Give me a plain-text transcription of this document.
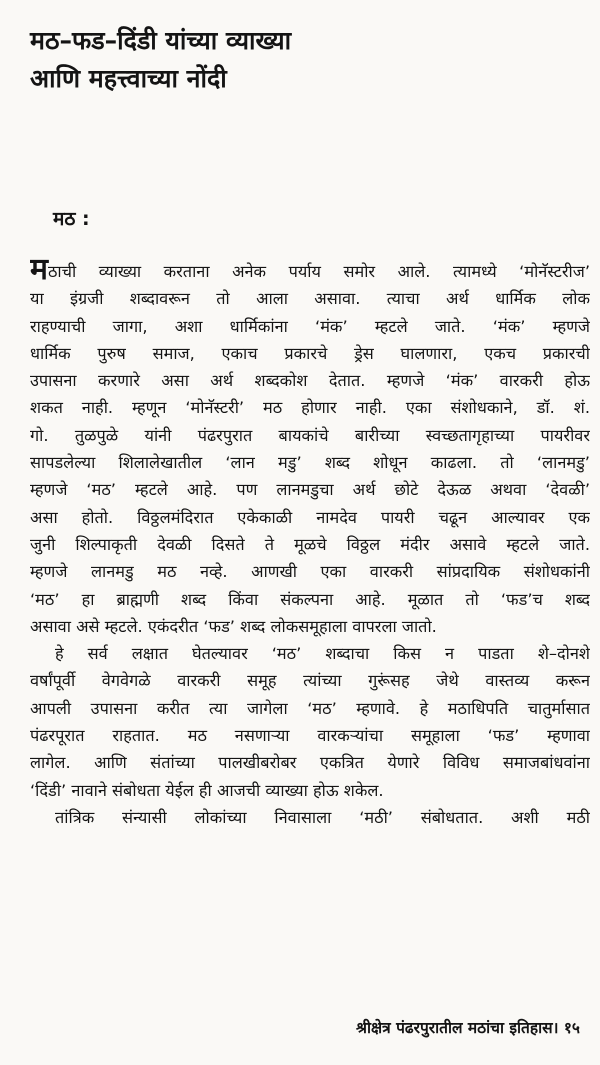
मठ–फड–दिंडी यांच्या व्याख्या
आणि महत्त्वाच्या नोंदी
मठ :
मठाची व्याख्या करताना अनेक पर्याय समोर आले. त्यामध्ये ‘मोनॅस्टरीज’
या इंग्रजी शब्दावरून तो आला असावा. त्याचा अर्थ धार्मिक लोक
राहण्याची जागा, अशा धार्मिकांना ‘मंक’ म्हटले जाते. ‘मंक’ म्हणजे
धार्मिक पुरुष समाज, एकाच प्रकारचे ड्रेस घालणारा, एकच प्रकारची
उपासना करणारे असा अर्थ शब्दकोश देतात. म्हणजे ‘मंक’ वारकरी होऊ
शकत नाही. म्हणून ‘मोनॅस्टरी’ मठ होणार नाही. एका संशोधकाने, डॉ. शं.
गो. तुळपुळे यांनी पंढरपुरात बायकांचे बारीच्या स्वच्छतागृहाच्या पायरीवर
सापडलेल्या शिलालेखातील ‘लान मडु’ शब्द शोधून काढला. तो ‘लानमडु’
म्हणजे ‘मठ’ म्हटले आहे. पण लानमडुचा अर्थ छोटे देऊळ अथवा ‘देवळी’
असा होतो. विठ्ठलमंदिरात एकेकाळी नामदेव पायरी चढून आल्यावर एक
जुनी शिल्पाकृती देवळी दिसते ते मूळचे विठ्ठल मंदीर असावे म्हटले जाते.
म्हणजे लानमडु मठ नव्हे. आणखी एका वारकरी सांप्रदायिक संशोधकांनी
‘मठ’ हा ब्राह्मणी शब्द किंवा संकल्पना आहे. मूळात तो ‘फड’च शब्द
असावा असे म्हटले. एकंदरीत ‘फड’ शब्द लोकसमूहाला वापरला जातो.
हे सर्व लक्षात घेतल्यावर ‘मठ’ शब्दाचा किस न पाडता शे–दोनशे
वर्षांपूर्वी वेगवेगळे वारकरी समूह त्यांच्या गुरूंसह जेथे वास्तव्य करून
आपली उपासना करीत त्या जागेला ‘मठ’ म्हणावे. हे मठाधिपति चातुर्मासात
पंढरपूरात राहतात. मठ नसणाऱ्या वारकऱ्यांचा समूहाला ‘फड’ म्हणावा
लागेल. आणि संतांच्या पालखीबरोबर एकत्रित येणारे विविध समाजबांधवांना
‘दिंडी’ नावाने संबोधता येईल ही आजची व्याख्या होऊ शकेल.
तांत्रिक संन्यासी लोकांच्या निवासाला ‘मठी’ संबोधतात. अशी मठी
श्रीक्षेत्र पंढरपुरातील मठांचा इतिहास। १५
